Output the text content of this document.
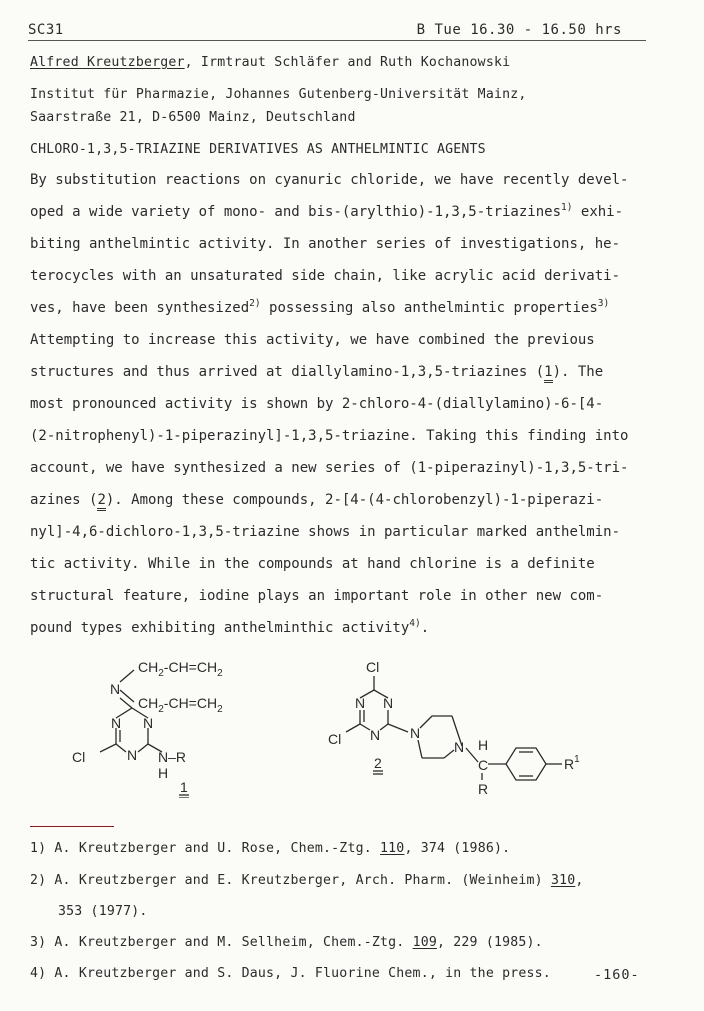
SC31	B Tue 16.30 - 16.50 hrs
Alfred Kreutzberger, Irmtraut Schläfer and Ruth Kochanowski
Institut für Pharmazie, Johannes Gutenberg-Universität Mainz,
Saarstraße 21, D-6500 Mainz, Deutschland
CHLORO-1,3,5-TRIAZINE DERIVATIVES AS ANTHELMINTIC AGENTS
By substitution reactions on cyanuric chloride, we have recently devel-
oped a wide variety of mono- and bis-(arylthio)-1,3,5-triazines$^{1)}$ exhi-
biting anthelmintic activity. In another series of investigations, he-
terocycles with an unsaturated side chain, like acrylic acid derivati-
ves, have been synthesized$^{2)}$ possessing also anthelmintic properties$^{3)}$
Attempting to increase this activity, we have combined the previous
structures and thus arrived at diallylamino-1,3,5-triazines (1). The
most pronounced activity is shown by 2-chloro-4-(diallylamino)-6-[4-
(2-nitrophenyl)-1-piperazinyl]-1,3,5-triazine. Taking this finding into
account, we have synthesized a new series of (1-piperazinyl)-1,3,5-tri-
azines (2). Among these compounds, 2-[4-(4-chlorobenzyl)-1-piperazi-
nyl]-4,6-dichloro-1,3,5-triazine shows in particular marked anthelmin-
tic activity. While in the compounds at hand chlorine is a definite
structural feature, iodine plays an important role in other new com-
pound types exhibiting anthelminthic activity$^{4)}$.
N
$CH_2-CH=CH_2$
$CH_2-CH=CH_2$
N
N
N
Cl	N–R
H
1
Cl
N
N
N
Cl	N
N H
C
R
$R^1$
2
1) A. Kreutzberger and U. Rose, Chem.-Ztg. 110, 374 (1986).
2) A. Kreutzberger and E. Kreutzberger, Arch. Pharm. (Weinheim) 310,
353 (1977).
3) A. Kreutzberger and M. Sellheim, Chem.-Ztg. 109, 229 (1985).
4) A. Kreutzberger and S. Daus, J. Fluorine Chem., in the press.	-160-
